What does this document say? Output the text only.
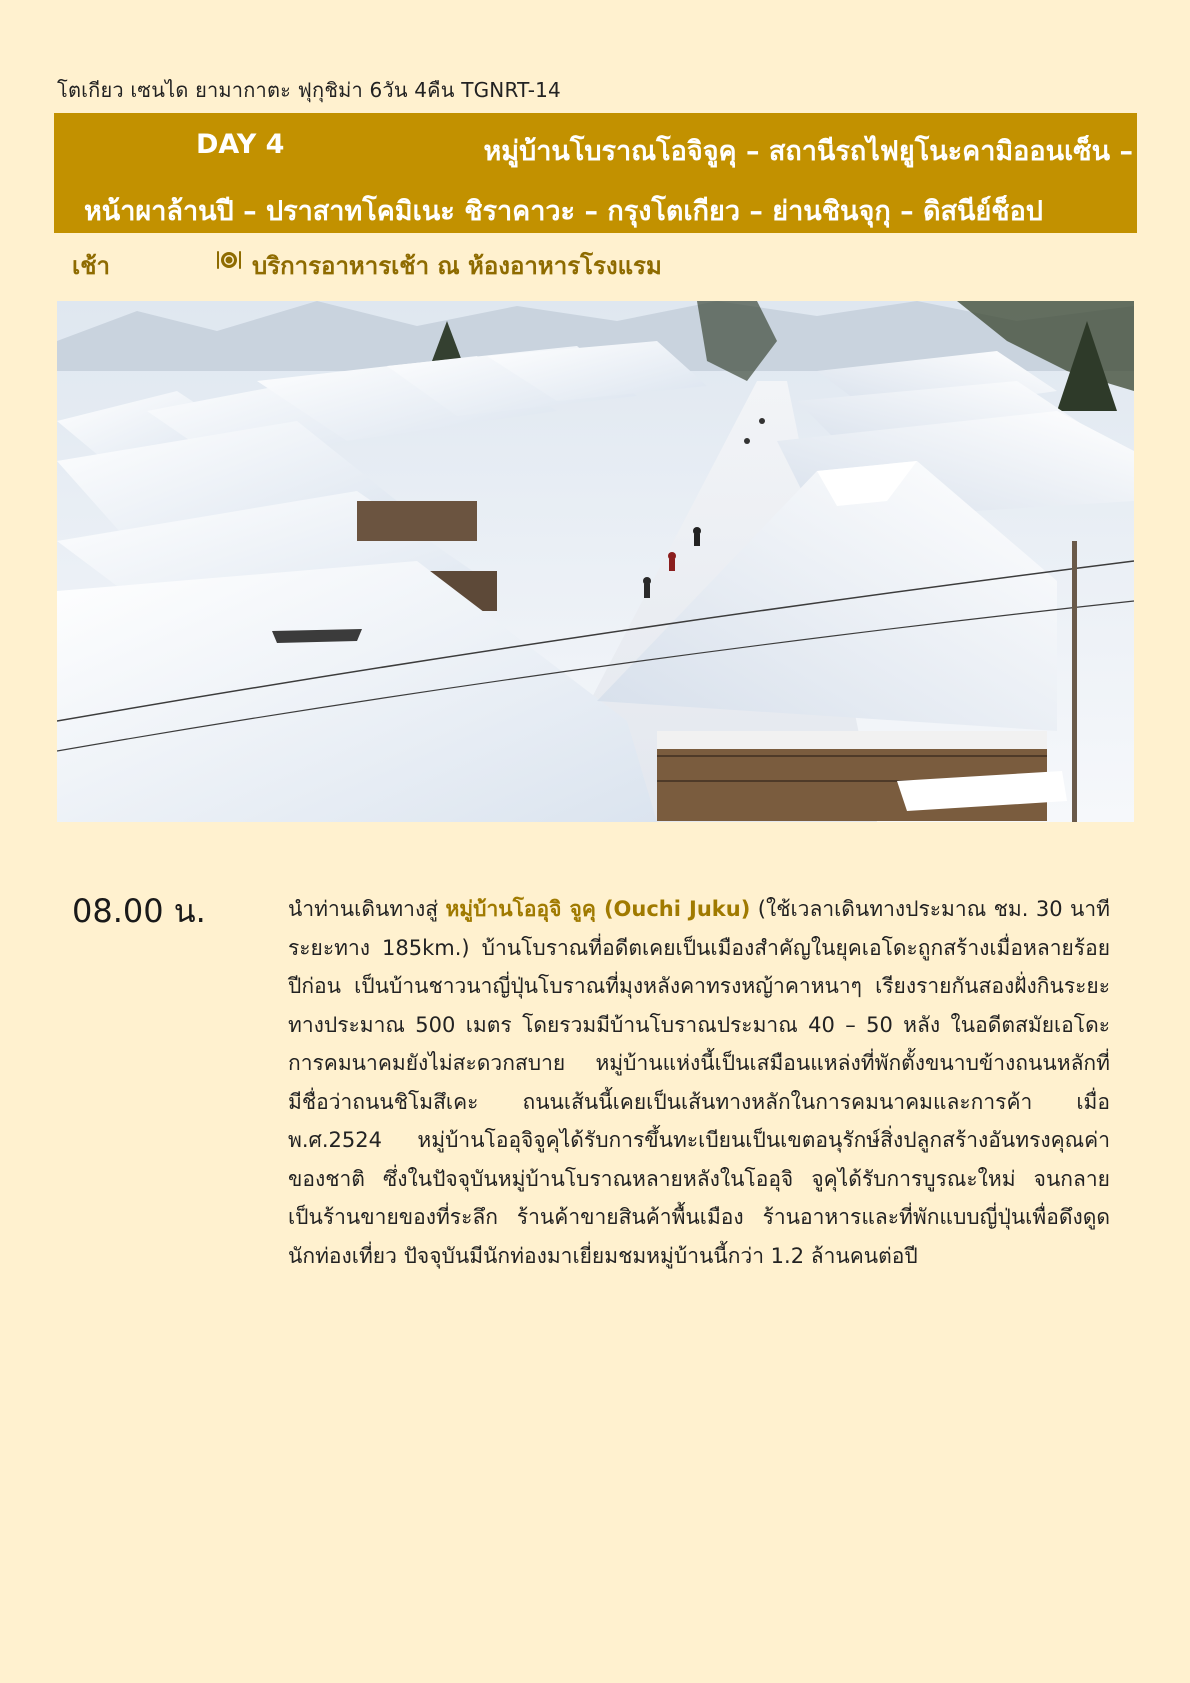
โตเกียว เซนได ยามากาตะ ฟุกุชิม่า 6วัน 4คืน TGNRT-14
DAY 4	หมู่บ้านโบราณโอจิจูคุ – สถานีรถไฟยูโนะคามิออนเซ็น –
หน้าผาล้านปี – ปราสาทโคมิเนะ ชิราคาวะ – กรุงโตเกียว – ย่านชินจุกุ – ดิสนีย์ช็อป
เช้า	บริการอาหารเช้า ณ ห้องอาหารโรงแรม
08.00 น.	นำท่านเดินทางสู่ หมู่บ้านโออุจิ จูคุ (Ouchi Juku) (ใช้เวลาเดินทางประมาณ ชม. 30 นาที ระยะทาง 185km.) บ้านโบราณที่อดีตเคยเป็นเมืองสำคัญในยุคเอโดะถูกสร้างเมื่อหลายร้อยปีก่อน เป็นบ้านชาวนาญี่ปุ่นโบราณที่มุงหลังคาทรงหญ้าคาหนาๆ เรียงรายกันสองฝั่งกินระยะทางประมาณ 500 เมตร โดยรวมมีบ้านโบราณประมาณ 40 – 50 หลัง ในอดีตสมัยเอโดะ การคมนาคมยังไม่สะดวกสบาย หมู่บ้านแห่งนี้เป็นเสมือนแหล่งที่พักตั้งขนาบข้างถนนหลักที่มีชื่อว่าถนนชิโมสึเคะ ถนนเส้นนี้เคยเป็นเส้นทางหลักในการคมนาคมและการค้า เมื่อ พ.ศ.2524 หมู่บ้านโออุจิจูคุได้รับการขึ้นทะเบียนเป็นเขตอนุรักษ์สิ่งปลูกสร้างอันทรงคุณค่าของชาติ ซึ่งในปัจจุบันหมู่บ้านโบราณหลายหลังในโออุจิ จูคุได้รับการบูรณะใหม่ จนกลายเป็นร้านขายของที่ระลึก ร้านค้าขายสินค้าพื้นเมือง ร้านอาหารและที่พักแบบญี่ปุ่นเพื่อดึงดูดนักท่องเที่ยว ปัจจุบันมีนักท่องมาเยี่ยมชมหมู่บ้านนี้กว่า 1.2 ล้านคนต่อปี
